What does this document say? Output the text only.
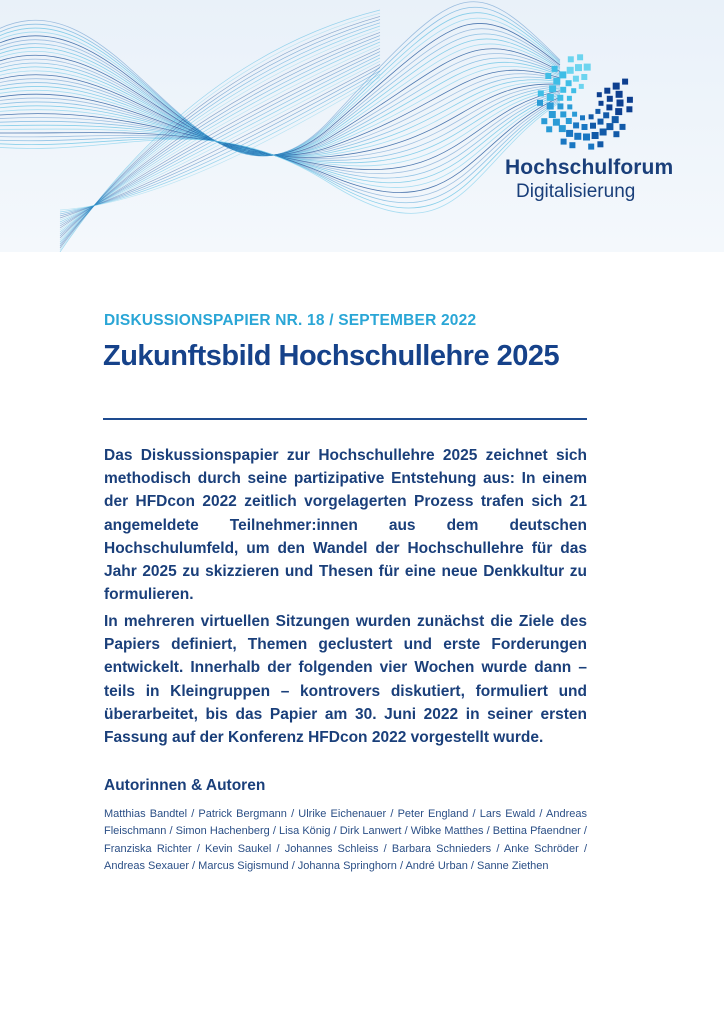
Hochschulforum
Digitalisierung
DISKUSSIONSPAPIER NR. 18 / SEPTEMBER 2022
Zukunftsbild Hochschullehre 2025

Das Diskussionspapier zur Hochschullehre 2025 zeichnet sich methodisch durch seine partizipative Entstehung aus: In einem der HFDcon 2022 zeitlich vorgelagerten Prozess trafen sich 21 angemeldete Teilnehmer:innen aus dem deutschen Hochschulumfeld, um den Wandel der Hochschullehre für das Jahr 2025 zu skizzieren und Thesen für eine neue Denkkultur zu formulieren.

In mehreren virtuellen Sitzungen wurden zunächst die Ziele des Papiers definiert, Themen geclustert und erste Forderungen entwickelt. Innerhalb der folgenden vier Wochen wurde dann – teils in Kleingruppen – kontrovers diskutiert, formuliert und überarbeitet, bis das Papier am 30. Juni 2022 in seiner ersten Fassung auf der Konferenz HFDcon 2022 vorgestellt wurde.

Autorinnen & Autoren

Matthias Bandtel / Patrick Bergmann / Ulrike Eichenauer / Peter England / Lars Ewald / Andreas Fleischmann / Simon Hachenberg / Lisa König / Dirk Lanwert / Wibke Matthes / Bettina Pfaendner / Franziska Richter / Kevin Saukel / Johannes Schleiss / Barbara Schnieders / Anke Schröder / Andreas Sexauer / Marcus Sigismund / Johanna Springhorn / André Urban / Sanne Ziethen
